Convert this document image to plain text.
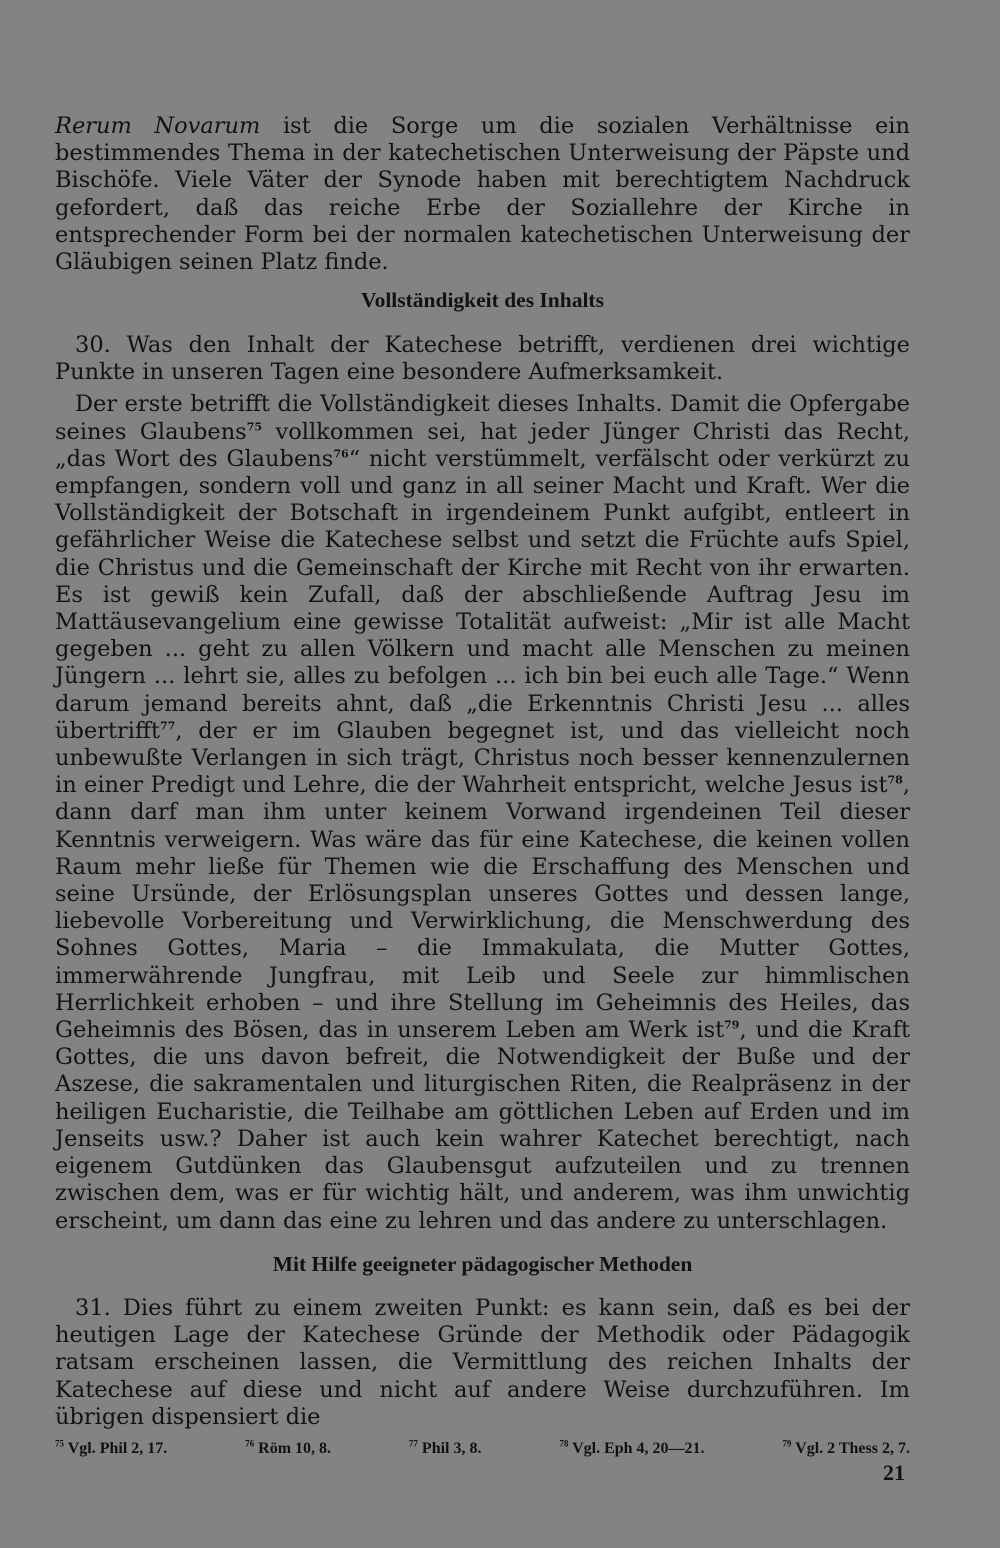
Rerum Novarum ist die Sorge um die sozialen Verhältnisse ein bestimmendes Thema in der katechetischen Unterweisung der Päpste und Bischöfe. Viele Väter der Synode haben mit berechtigtem Nachdruck gefordert, daß das reiche Erbe der Soziallehre der Kirche in entsprechender Form bei der normalen katechetischen Unterweisung der Gläubigen seinen Platz finde.

Vollständigkeit des Inhalts

30. Was den Inhalt der Katechese betrifft, verdienen drei wichtige Punkte in unseren Tagen eine besondere Aufmerksamkeit.

Der erste betrifft die Vollständigkeit dieses Inhalts. Damit die Opfergabe seines Glaubens$^{75}$ vollkommen sei, hat jeder Jünger Christi das Recht, „das Wort des Glaubens$^{76}$“ nicht verstümmelt, verfälscht oder verkürzt zu empfangen, sondern voll und ganz in all seiner Macht und Kraft. Wer die Vollständigkeit der Botschaft in irgendeinem Punkt aufgibt, entleert in gefährlicher Weise die Katechese selbst und setzt die Früchte aufs Spiel, die Christus und die Gemeinschaft der Kirche mit Recht von ihr erwarten. Es ist gewiß kein Zufall, daß der abschließende Auftrag Jesu im Mattäusevangelium eine gewisse Totalität aufweist: „Mir ist alle Macht gegeben ... geht zu allen Völkern und macht alle Menschen zu meinen Jüngern ... lehrt sie, alles zu befolgen ... ich bin bei euch alle Tage.“ Wenn darum jemand bereits ahnt, daß „die Erkenntnis Christi Jesu ... alles übertrifft$^{77}$, der er im Glauben begegnet ist, und das vielleicht noch unbewußte Verlangen in sich trägt, Christus noch besser kennenzulernen in einer Predigt und Lehre, die der Wahrheit entspricht, welche Jesus ist$^{78}$, dann darf man ihm unter keinem Vorwand irgendeinen Teil dieser Kenntnis verweigern. Was wäre das für eine Katechese, die keinen vollen Raum mehr ließe für Themen wie die Erschaffung des Menschen und seine Ursünde, der Erlösungsplan unseres Gottes und dessen lange, liebevolle Vorbereitung und Verwirklichung, die Menschwerdung des Sohnes Gottes, Maria – die Immakulata, die Mutter Gottes, immerwährende Jungfrau, mit Leib und Seele zur himmlischen Herrlichkeit erhoben – und ihre Stellung im Geheimnis des Heiles, das Geheimnis des Bösen, das in unserem Leben am Werk ist$^{79}$, und die Kraft Gottes, die uns davon befreit, die Notwendigkeit der Buße und der Aszese, die sakramentalen und liturgischen Riten, die Realpräsenz in der heiligen Eucharistie, die Teilhabe am göttlichen Leben auf Erden und im Jenseits usw.? Daher ist auch kein wahrer Katechet berechtigt, nach eigenem Gutdünken das Glaubensgut aufzuteilen und zu trennen zwischen dem, was er für wichtig hält, und anderem, was ihm unwichtig erscheint, um dann das eine zu lehren und das andere zu unterschlagen.

Mit Hilfe geeigneter pädagogischer Methoden

31. Dies führt zu einem zweiten Punkt: es kann sein, daß es bei der heutigen Lage der Katechese Gründe der Methodik oder Pädagogik ratsam erscheinen lassen, die Vermittlung des reichen Inhalts der Katechese auf diese und nicht auf andere Weise durchzuführen. Im übrigen dispensiert die

$^{75}$ Vgl. Phil 2, 17.	$^{76}$ Röm 10, 8.	$^{77}$ Phil 3, 8.	$^{78}$ Vgl. Eph 4, 20—21.	$^{79}$ Vgl. 2 Thess 2, 7.
21
